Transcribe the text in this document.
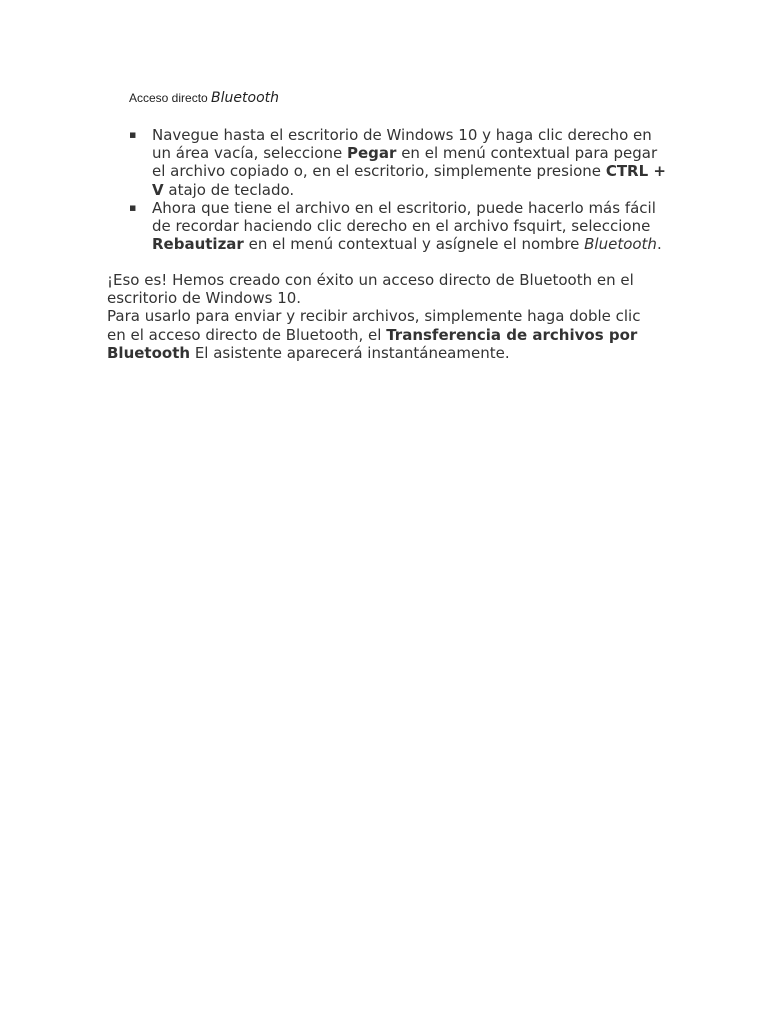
Acceso directo Bluetooth
▪ Navegue hasta el escritorio de Windows 10 y haga clic derecho en un área vacía, seleccione Pegar en el menú contextual para pegar el archivo copiado o, en el escritorio, simplemente presione CTRL + V atajo de teclado.
▪ Ahora que tiene el archivo en el escritorio, puede hacerlo más fácil de recordar haciendo clic derecho en el archivo fsquirt, seleccione Rebautizar en el menú contextual y asígnele el nombre Bluetooth.

¡Eso es! Hemos creado con éxito un acceso directo de Bluetooth en el escritorio de Windows 10.

Para usarlo para enviar y recibir archivos, simplemente haga doble clic en el acceso directo de Bluetooth, el Transferencia de archivos por Bluetooth El asistente aparecerá instantáneamente.
